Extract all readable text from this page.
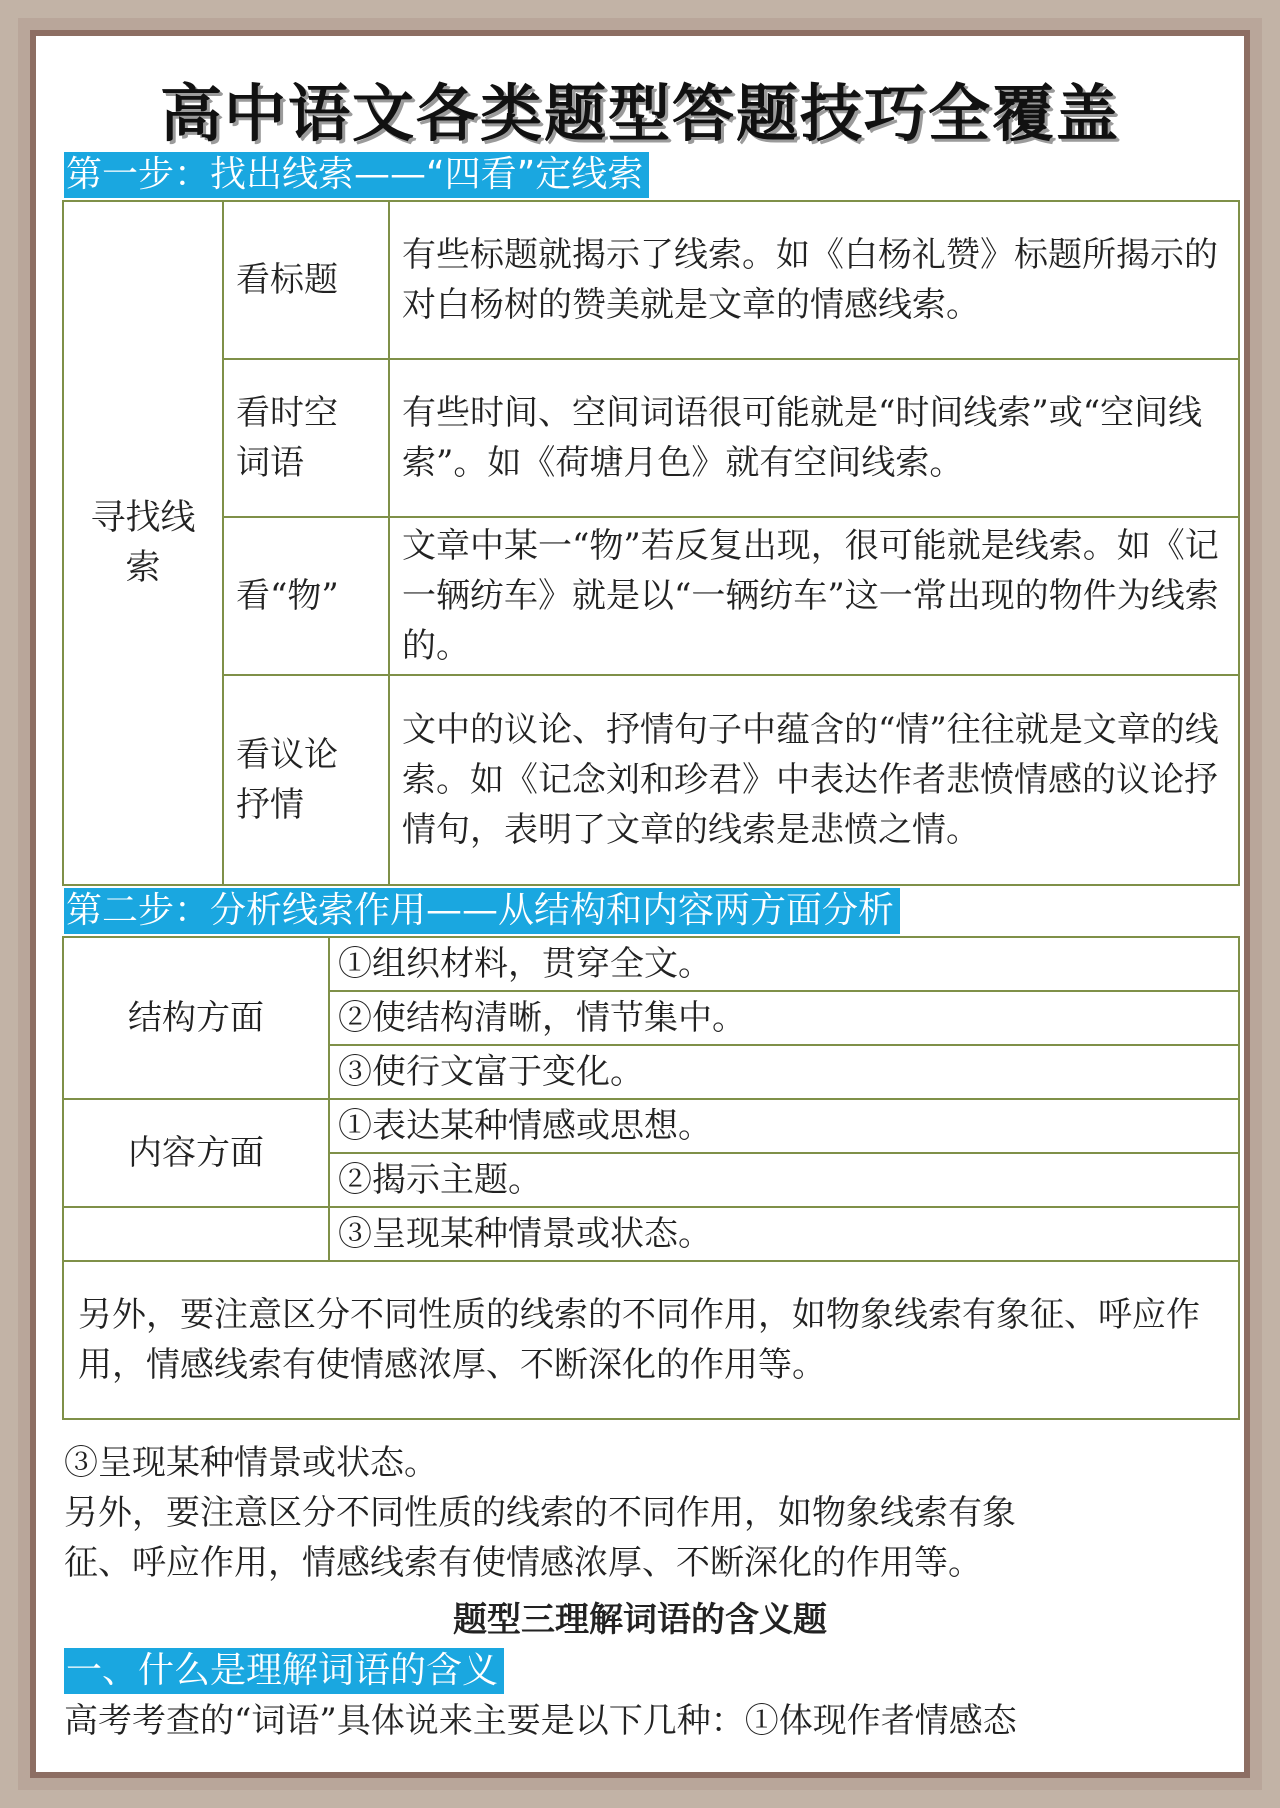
高中语文各类题型答题技巧全覆盖
第一步：找出线索——“四看”定线索
寻找线索	看标题	有些标题就揭示了线索。如《白杨礼赞》标题所揭示的对白杨树的赞美就是文章的情感线索。

	看时空词语	有些时间、空间词语很可能就是“时间线索”或“空间线索”。如《荷塘月色》就有空间线索。

	看“物”	文章中某一“物”若反复出现，很可能就是线索。如《记一辆纺车》就是以“一辆纺车”这一常出现的物件为线索的。

	看议论抒情	文中的议论、抒情句子中蕴含的“情”往往就是文章的线索。如《记念刘和珍君》中表达作者悲愤情感的议论抒情句，表明了文章的线索是悲愤之情。
第二步：分析线索作用——从结构和内容两方面分析
结构方面	①组织材料，贯穿全文。
	②使结构清晰，情节集中。
	③使行文富于变化。
内容方面	①表达某种情感或思想。
	②揭示主题。
	③呈现某种情景或状态。

另外，要注意区分不同性质的线索的不同作用，如物象线索有象征、呼应作用，情感线索有使情感浓厚、不断深化的作用等。	
③呈现某种情景或状态。
另外，要注意区分不同性质的线索的不同作用，如物象线索有象
征、呼应作用，情感线索有使情感浓厚、不断深化的作用等。
题型三理解词语的含义题
一、什么是理解词语的含义
高考考查的“词语”具体说来主要是以下几种：①体现作者情感态
